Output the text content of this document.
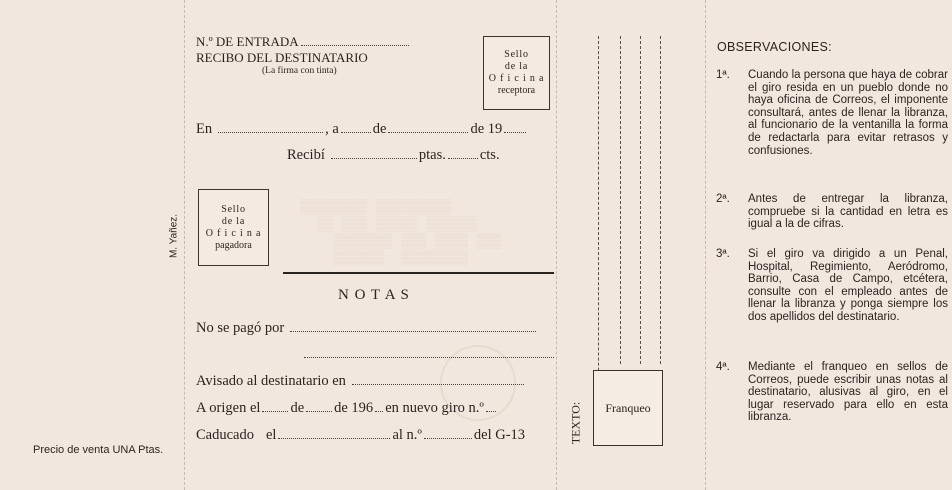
▒▒▒▒▒▒▒▒ ▒▒▒▒▒▒▒▒▒
▒▒ ▒▒▒ ▒▒▒▒▒ ▒▒▒▒▒▒
▒▒▒▒▒▒▒ ▒▒▒ ▒▒▒▒ ▒▒▒
▒▒▒▒▒▒  ▒▒▒▒▒▒▒▒
Precio de venta UNA Ptas.
N.º DE ENTRADA
RECIBO DEL DESTINATARIO
(La firma con tinta)
Sello
de la
O f i c i n a
receptora
En	, a de	de 19
Recibí	ptas. cts.
Sello
de la
O f i c i n a
pagadora
M. Yañez.
N O T A S
No se pagó por
Avisado al destinatario en
A origen el de de 196 en nuevo giro n.º
Caducado el	al n.º	del G-13	TEXTO: Franqueo
OBSERVACIONES:
1ª. Cuando la persona que haya de cobrar el giro resida en un pueblo donde no haya oficina de Correos, el imponente consultará, antes de llenar la libranza, al funcionario de la ventanilla la forma de redactarla para evitar retrasos y confusiones.
2ª. Antes de entregar la libranza, compruebe si la cantidad en letra es igual a la de cifras.
3ª. Si el giro va dirigido a un Penal, Hospital, Regimiento, Aeródromo, Barrio, Casa de Campo, etcétera, consulte con el empleado antes de llenar la libranza y ponga siempre los dos apellidos del destinatario.
4ª. Mediante el franqueo en sellos de Correos, puede escribir unas notas al destinatario, alusivas al giro, en el lugar reservado para ello en esta libranza.
